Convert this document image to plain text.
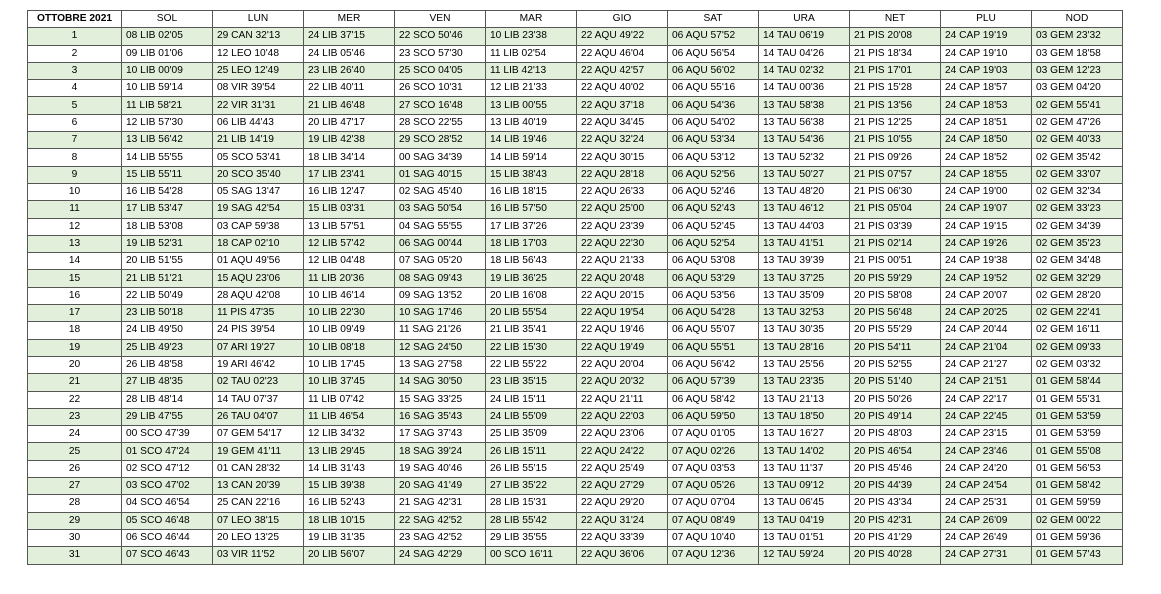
OTTOBRE 2021	SOL	LUN	MER	VEN	MAR	GIO	SAT	URA	NET	PLU	NOD
1	08 LIB 02'05	29 CAN 32'13	24 LIB 37'15	22 SCO 50'46	10 LIB 23'38	22 AQU 49'22	06 AQU 57'52	14 TAU 06'19	21 PIS 20'08	24 CAP 19'19	03 GEM 23'32
2	09 LIB 01'06	12 LEO 10'48	24 LIB 05'46	23 SCO 57'30	11 LIB 02'54	22 AQU 46'04	06 AQU 56'54	14 TAU 04'26	21 PIS 18'34	24 CAP 19'10	03 GEM 18'58
3	10 LIB 00'09	25 LEO 12'49	23 LIB 26'40	25 SCO 04'05	11 LIB 42'13	22 AQU 42'57	06 AQU 56'02	14 TAU 02'32	21 PIS 17'01	24 CAP 19'03	03 GEM 12'23
4	10 LIB 59'14	08 VIR 39'54	22 LIB 40'11	26 SCO 10'31	12 LIB 21'33	22 AQU 40'02	06 AQU 55'16	14 TAU 00'36	21 PIS 15'28	24 CAP 18'57	03 GEM 04'20
5	11 LIB 58'21	22 VIR 31'31	21 LIB 46'48	27 SCO 16'48	13 LIB 00'55	22 AQU 37'18	06 AQU 54'36	13 TAU 58'38	21 PIS 13'56	24 CAP 18'53	02 GEM 55'41
6	12 LIB 57'30	06 LIB 44'43	20 LIB 47'17	28 SCO 22'55	13 LIB 40'19	22 AQU 34'45	06 AQU 54'02	13 TAU 56'38	21 PIS 12'25	24 CAP 18'51	02 GEM 47'26
7	13 LIB 56'42	21 LIB 14'19	19 LIB 42'38	29 SCO 28'52	14 LIB 19'46	22 AQU 32'24	06 AQU 53'34	13 TAU 54'36	21 PIS 10'55	24 CAP 18'50	02 GEM 40'33
8	14 LIB 55'55	05 SCO 53'41	18 LIB 34'14	00 SAG 34'39	14 LIB 59'14	22 AQU 30'15	06 AQU 53'12	13 TAU 52'32	21 PIS 09'26	24 CAP 18'52	02 GEM 35'42
9	15 LIB 55'11	20 SCO 35'40	17 LIB 23'41	01 SAG 40'15	15 LIB 38'43	22 AQU 28'18	06 AQU 52'56	13 TAU 50'27	21 PIS 07'57	24 CAP 18'55	02 GEM 33'07
10	16 LIB 54'28	05 SAG 13'47	16 LIB 12'47	02 SAG 45'40	16 LIB 18'15	22 AQU 26'33	06 AQU 52'46	13 TAU 48'20	21 PIS 06'30	24 CAP 19'00	02 GEM 32'34
11	17 LIB 53'47	19 SAG 42'54	15 LIB 03'31	03 SAG 50'54	16 LIB 57'50	22 AQU 25'00	06 AQU 52'43	13 TAU 46'12	21 PIS 05'04	24 CAP 19'07	02 GEM 33'23
12	18 LIB 53'08	03 CAP 59'38	13 LIB 57'51	04 SAG 55'55	17 LIB 37'26	22 AQU 23'39	06 AQU 52'45	13 TAU 44'03	21 PIS 03'39	24 CAP 19'15	02 GEM 34'39
13	19 LIB 52'31	18 CAP 02'10	12 LIB 57'42	06 SAG 00'44	18 LIB 17'03	22 AQU 22'30	06 AQU 52'54	13 TAU 41'51	21 PIS 02'14	24 CAP 19'26	02 GEM 35'23
14	20 LIB 51'55	01 AQU 49'56	12 LIB 04'48	07 SAG 05'20	18 LIB 56'43	22 AQU 21'33	06 AQU 53'08	13 TAU 39'39	21 PIS 00'51	24 CAP 19'38	02 GEM 34'48
15	21 LIB 51'21	15 AQU 23'06	11 LIB 20'36	08 SAG 09'43	19 LIB 36'25	22 AQU 20'48	06 AQU 53'29	13 TAU 37'25	20 PIS 59'29	24 CAP 19'52	02 GEM 32'29
16	22 LIB 50'49	28 AQU 42'08	10 LIB 46'14	09 SAG 13'52	20 LIB 16'08	22 AQU 20'15	06 AQU 53'56	13 TAU 35'09	20 PIS 58'08	24 CAP 20'07	02 GEM 28'20
17	23 LIB 50'18	11 PIS 47'35	10 LIB 22'30	10 SAG 17'46	20 LIB 55'54	22 AQU 19'54	06 AQU 54'28	13 TAU 32'53	20 PIS 56'48	24 CAP 20'25	02 GEM 22'41
18	24 LIB 49'50	24 PIS 39'54	10 LIB 09'49	11 SAG 21'26	21 LIB 35'41	22 AQU 19'46	06 AQU 55'07	13 TAU 30'35	20 PIS 55'29	24 CAP 20'44	02 GEM 16'11
19	25 LIB 49'23	07 ARI 19'27	10 LIB 08'18	12 SAG 24'50	22 LIB 15'30	22 AQU 19'49	06 AQU 55'51	13 TAU 28'16	20 PIS 54'11	24 CAP 21'04	02 GEM 09'33
20	26 LIB 48'58	19 ARI 46'42	10 LIB 17'45	13 SAG 27'58	22 LIB 55'22	22 AQU 20'04	06 AQU 56'42	13 TAU 25'56	20 PIS 52'55	24 CAP 21'27	02 GEM 03'32
21	27 LIB 48'35	02 TAU 02'23	10 LIB 37'45	14 SAG 30'50	23 LIB 35'15	22 AQU 20'32	06 AQU 57'39	13 TAU 23'35	20 PIS 51'40	24 CAP 21'51	01 GEM 58'44
22	28 LIB 48'14	14 TAU 07'37	11 LIB 07'42	15 SAG 33'25	24 LIB 15'11	22 AQU 21'11	06 AQU 58'42	13 TAU 21'13	20 PIS 50'26	24 CAP 22'17	01 GEM 55'31
23	29 LIB 47'55	26 TAU 04'07	11 LIB 46'54	16 SAG 35'43	24 LIB 55'09	22 AQU 22'03	06 AQU 59'50	13 TAU 18'50	20 PIS 49'14	24 CAP 22'45	01 GEM 53'59
24	00 SCO 47'39	07 GEM 54'17	12 LIB 34'32	17 SAG 37'43	25 LIB 35'09	22 AQU 23'06	07 AQU 01'05	13 TAU 16'27	20 PIS 48'03	24 CAP 23'15	01 GEM 53'59
25	01 SCO 47'24	19 GEM 41'11	13 LIB 29'45	18 SAG 39'24	26 LIB 15'11	22 AQU 24'22	07 AQU 02'26	13 TAU 14'02	20 PIS 46'54	24 CAP 23'46	01 GEM 55'08
26	02 SCO 47'12	01 CAN 28'32	14 LIB 31'43	19 SAG 40'46	26 LIB 55'15	22 AQU 25'49	07 AQU 03'53	13 TAU 11'37	20 PIS 45'46	24 CAP 24'20	01 GEM 56'53
27	03 SCO 47'02	13 CAN 20'39	15 LIB 39'38	20 SAG 41'49	27 LIB 35'22	22 AQU 27'29	07 AQU 05'26	13 TAU 09'12	20 PIS 44'39	24 CAP 24'54	01 GEM 58'42
28	04 SCO 46'54	25 CAN 22'16	16 LIB 52'43	21 SAG 42'31	28 LIB 15'31	22 AQU 29'20	07 AQU 07'04	13 TAU 06'45	20 PIS 43'34	24 CAP 25'31	01 GEM 59'59
29	05 SCO 46'48	07 LEO 38'15	18 LIB 10'15	22 SAG 42'52	28 LIB 55'42	22 AQU 31'24	07 AQU 08'49	13 TAU 04'19	20 PIS 42'31	24 CAP 26'09	02 GEM 00'22
30	06 SCO 46'44	20 LEO 13'25	19 LIB 31'35	23 SAG 42'52	29 LIB 35'55	22 AQU 33'39	07 AQU 10'40	13 TAU 01'51	20 PIS 41'29	24 CAP 26'49	01 GEM 59'36
31	07 SCO 46'43	03 VIR 11'52	20 LIB 56'07	24 SAG 42'29	00 SCO 16'11	22 AQU 36'06	07 AQU 12'36	12 TAU 59'24	20 PIS 40'28	24 CAP 27'31	01 GEM 57'43
